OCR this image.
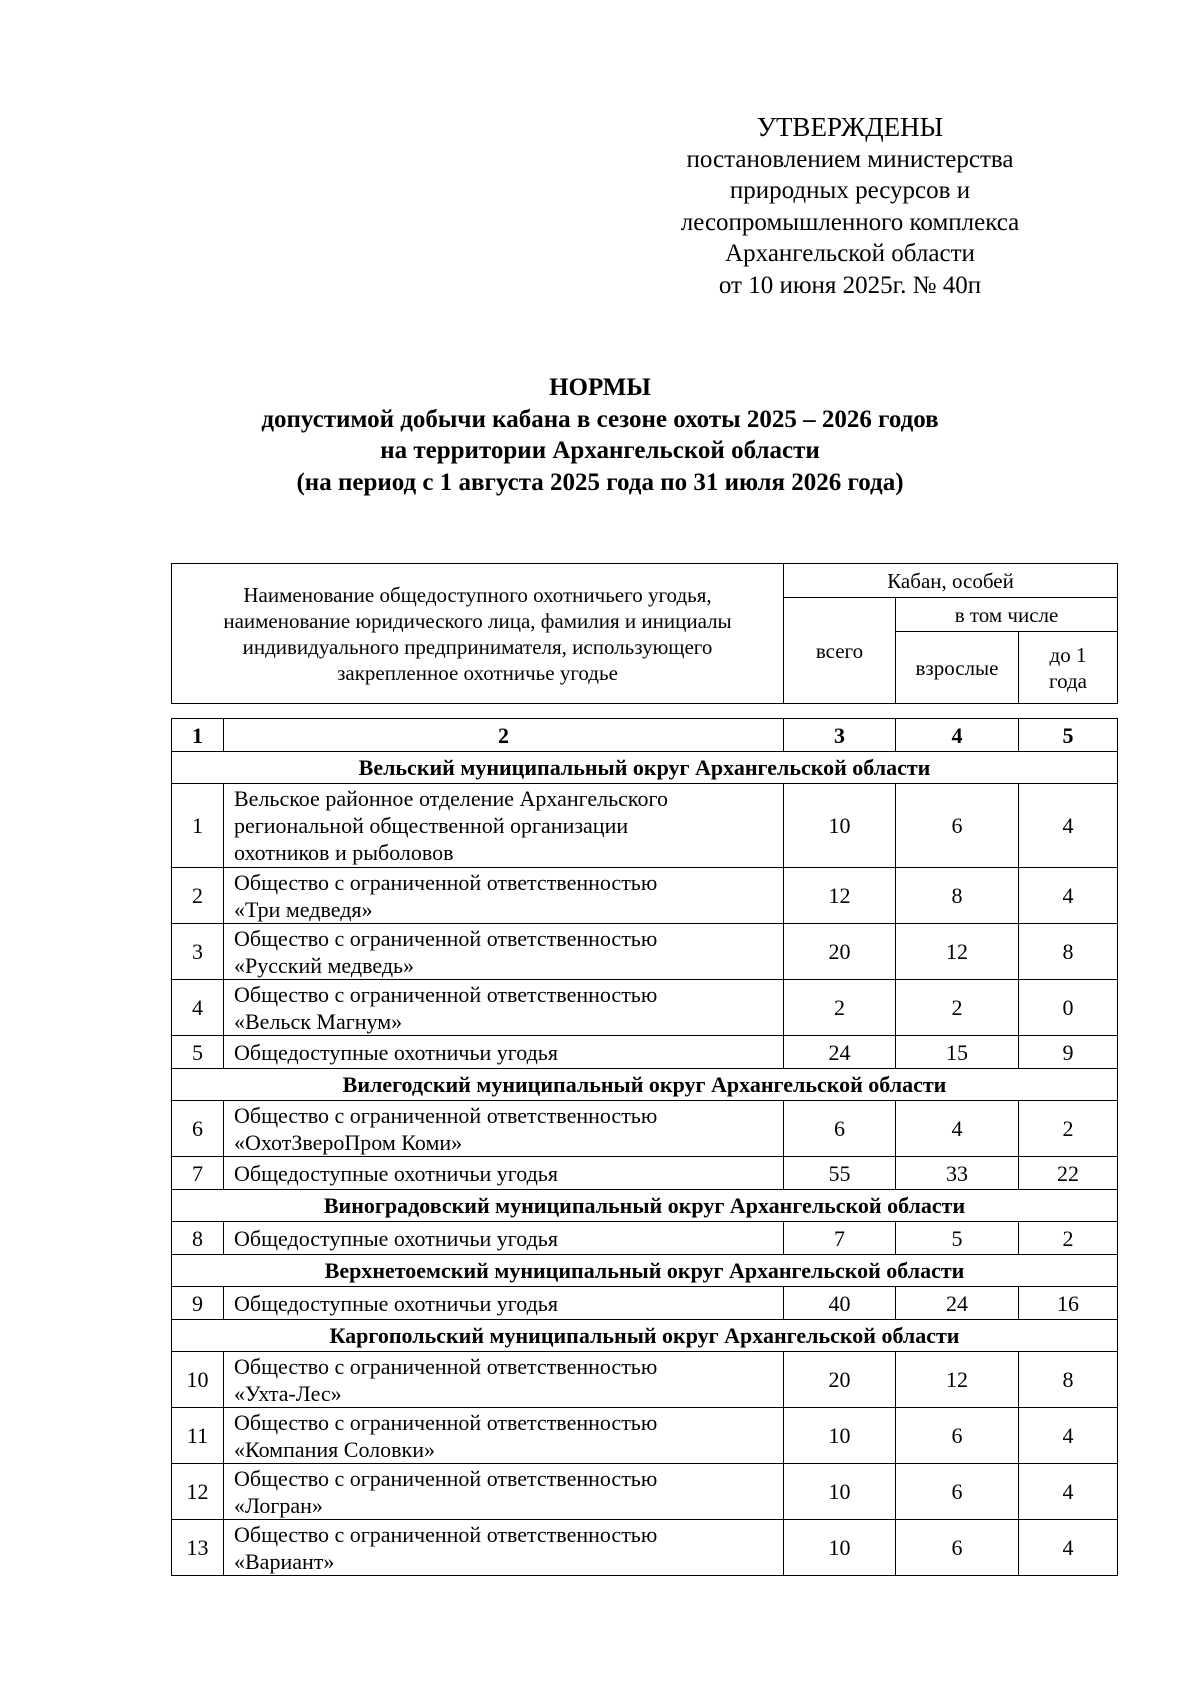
УТВЕРЖДЕНЫ
постановлением министерства
природных ресурсов и
лесопромышленного комплекса
Архангельской области
от 10 июня 2025г. № 40п
НОРМЫ
допустимой добычи кабана в сезоне охоты 2025 – 2026 годов
на территории Архангельской области
(на период с 1 августа 2025 года по 31 июля 2026 года)
Наименование общедоступного охотничьего угодья,
наименование юридического лица, фамилия и инициалы
индивидуального предпринимателя, использующего
закрепленное охотничье угодье	Кабан, особей		
	всего	в том числе	
		взрослые	до 1
года
1	2	3	4	5
Вельский муниципальный округ Архангельской области				
1	Вельское районное отделение Архангельского
региональной общественной организации
охотников и рыболовов	10	6	4
2	Общество с ограниченной ответственностью
«Три медведя»	12	8	4
3	Общество с ограниченной ответственностью
«Русский медведь»	20	12	8
4	Общество с ограниченной ответственностью
«Вельск Магнум»	2	2	0
5	Общедоступные охотничьи угодья	24	15	9
Вилегодский муниципальный округ Архангельской области				
6	Общество с ограниченной ответственностью
«ОхотЗвероПром Коми»	6	4	2
7	Общедоступные охотничьи угодья	55	33	22
Виноградовский муниципальный округ Архангельской области				
8	Общедоступные охотничьи угодья	7	5	2
Верхнетоемский муниципальный округ Архангельской области				
9	Общедоступные охотничьи угодья	40	24	16
Каргопольский муниципальный округ Архангельской области				
10	Общество с ограниченной ответственностью
«Ухта-Лес»	20	12	8
11	Общество с ограниченной ответственностью
«Компания Соловки»	10	6	4
12	Общество с ограниченной ответственностью
«Логран»	10	6	4
13	Общество с ограниченной ответственностью
«Вариант»	10	6	4
